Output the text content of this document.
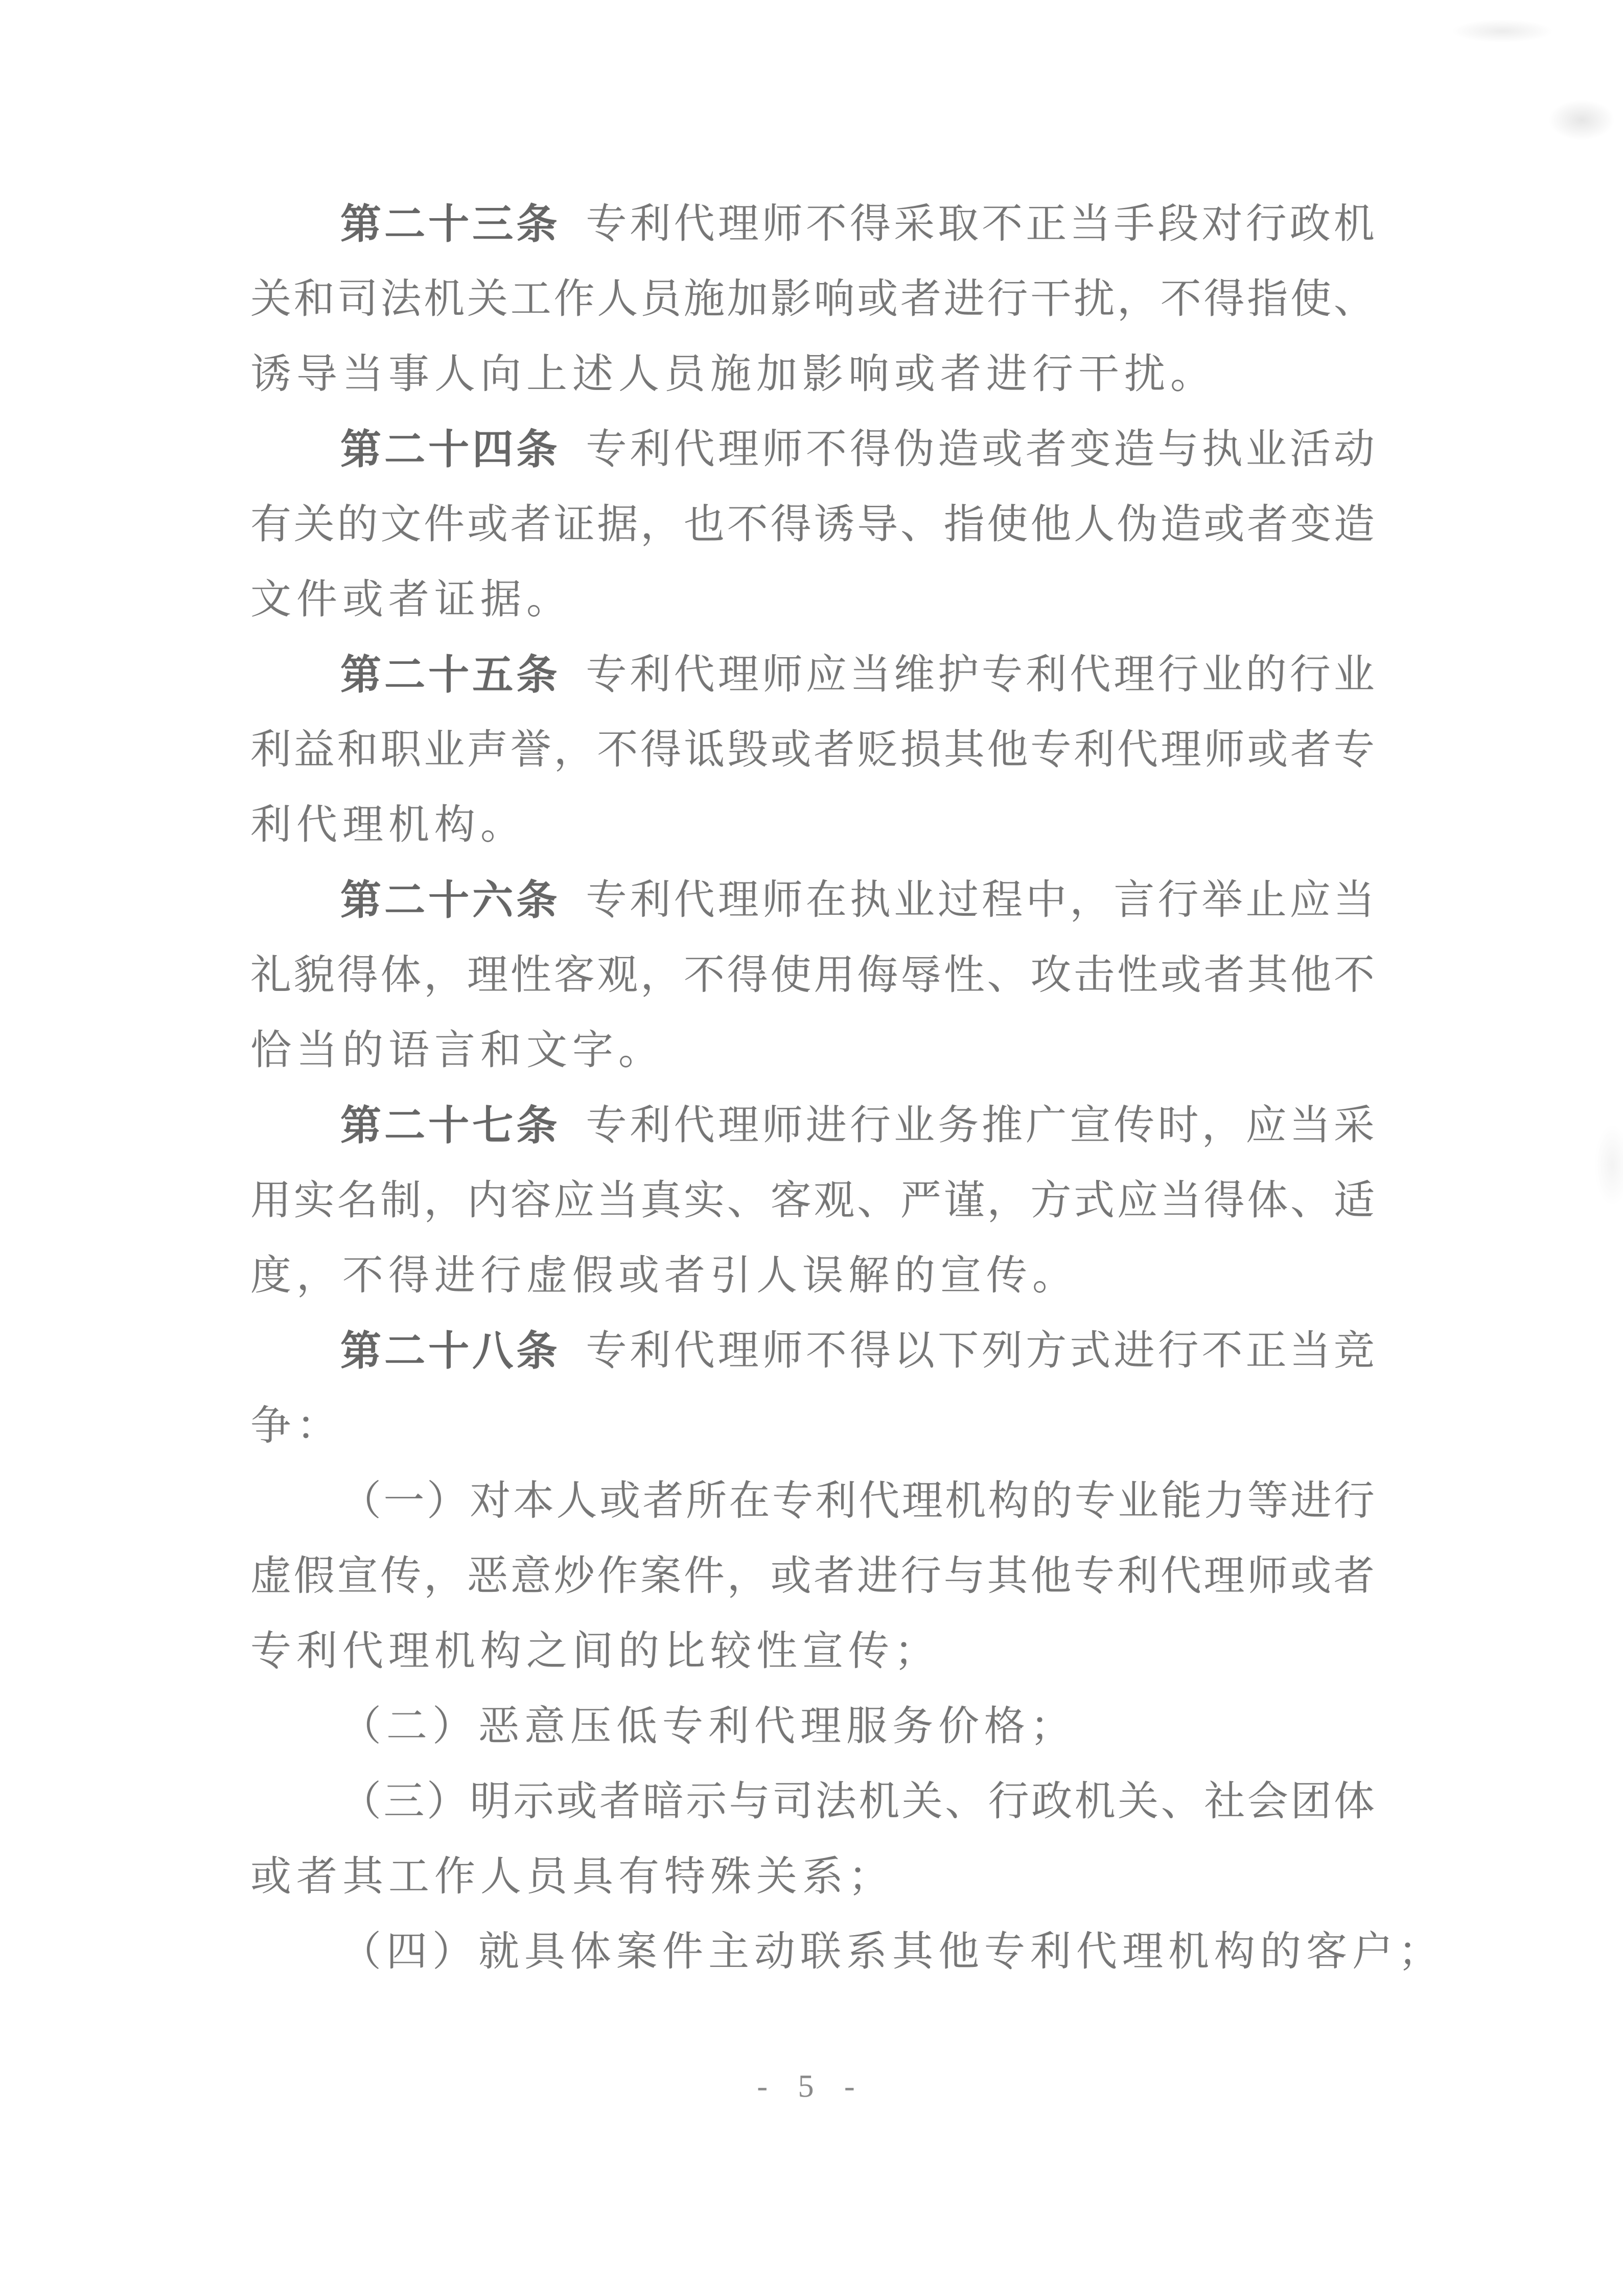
第 二 十 三 条
　 专 利 代 理 师 不 得 采 取 不 正 当 手 段 对 行 政 机
关 和 司 法 机 关 工 作 人 员 施 加 影 响 或 者 进 行 干 扰 ， 不 得 指 使 、
诱 导 当 事 人 向 上 述 人 员 施 加 影 响 或 者 进 行 干 扰 。
第 二 十 四 条
　 专 利 代 理 师 不 得 伪 造 或 者 变 造 与 执 业 活 动
有 关 的 文 件 或 者 证 据 ， 也 不 得 诱 导 、 指 使 他 人 伪 造 或 者 变 造
文 件 或 者 证 据 。
第 二 十 五 条
　 专 利 代 理 师 应 当 维 护 专 利 代 理 行 业 的 行 业
利 益 和 职 业 声 誉 ， 不 得 诋 毁 或 者 贬 损 其 他 专 利 代 理 师 或 者 专
利 代 理 机 构 。
第 二 十 六 条
　 专 利 代 理 师 在 执 业 过 程 中 ， 言 行 举 止 应 当
礼 貌 得 体 ， 理 性 客 观 ， 不 得 使 用 侮 辱 性 、 攻 击 性 或 者 其 他 不
恰 当 的 语 言 和 文 字 。
第 二 十 七 条
　 专 利 代 理 师 进 行 业 务 推 广 宣 传 时 ， 应 当 采
用 实 名 制 ， 内 容 应 当 真 实 、 客 观 、 严 谨 ， 方 式 应 当 得 体 、 适
度 ， 不 得 进 行 虚 假 或 者 引 人 误 解 的 宣 传 。
第 二 十 八 条
　 专 利 代 理 师 不 得 以 下 列 方 式 进 行 不 正 当 竞
争 ：
（ 一 ） 对 本 人 或 者 所 在 专 利 代 理 机 构 的 专 业 能 力 等 进 行
虚 假 宣 传 ， 恶 意 炒 作 案 件 ， 或 者 进 行 与 其 他 专 利 代 理 师 或 者
专 利 代 理 机 构 之 间 的 比 较 性 宣 传 ；
（ 二 ） 恶 意 压 低 专 利 代 理 服 务 价 格 ；
（ 三 ） 明 示 或 者 暗 示 与 司 法 机 关 、 行 政 机 关 、 社 会 团 体
或 者 其 工 作 人 员 具 有 特 殊 关 系 ；
（ 四 ） 就 具 体 案 件 主 动 联 系 其 他 专 利 代 理 机 构 的 客 户 ；
- 5 -
